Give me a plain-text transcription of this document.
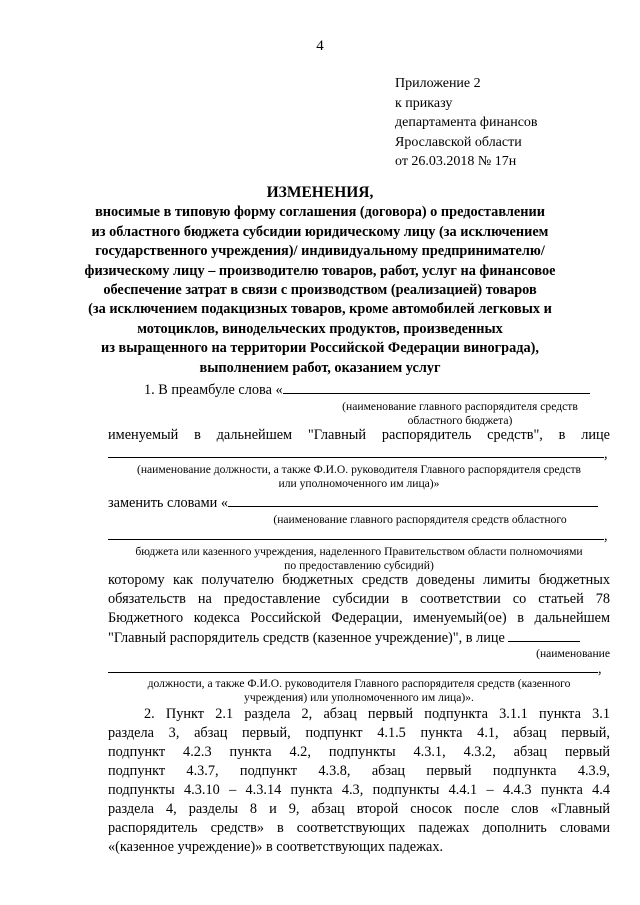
4
Приложение 2
к приказу
департамента финансов
Ярославской области
от 26.03.2018 № 17н
ИЗМЕНЕНИЯ,
вносимые в типовую форму соглашения (договора) о предоставлении
из областного бюджета субсидии юридическому лицу (за исключением
государственного учреждения)/ индивидуальному предпринимателю/
физическому лицу – производителю товаров, работ, услуг на финансовое
обеспечение затрат в связи с производством (реализацией) товаров
(за исключением подакцизных товаров, кроме автомобилей легковых и
мотоциклов, винодельческих продуктов, произведенных
из выращенного на территории Российской Федерации винограда),
выполнением работ, оказанием услуг
1. В преамбуле слова «
(наименование главного распорядителя средств
областного бюджета)
именуемый в дальнейшем "Главный распорядитель средств", в лице
,
(наименование должности, а также Ф.И.О. руководителя Главного распорядителя средств
или уполномоченного им лица)»
заменить словами «
(наименование главного распорядителя средств областного
,
бюджета или казенного учреждения, наделенного Правительством области полномочиями
по предоставлению субсидий)
которому как получателю бюджетных средств доведены лимиты бюджетных
обязательств на предоставление субсидии в соответствии со статьей 78
Бюджетного кодекса Российской Федерации, именуемый(ое) в дальнейшем
"Главный распорядитель средств (казенное учреждение)", в лице
(наименование
,
должности, а также Ф.И.О. руководителя Главного распорядителя средств (казенного
учреждения) или уполномоченного им лица)».
2. Пункт 2.1 раздела 2, абзац первый подпункта 3.1.1 пункта 3.1
раздела 3, абзац первый, подпункт 4.1.5 пункта 4.1, абзац первый,
подпункт 4.2.3 пункта 4.2, подпункты 4.3.1, 4.3.2, абзац первый
подпункт 4.3.7, подпункт 4.3.8, абзац первый подпункта 4.3.9,
подпункты 4.3.10 – 4.3.14 пункта 4.3, подпункты 4.4.1 – 4.4.3 пункта 4.4
раздела 4, разделы 8 и 9, абзац второй сносок после слов «Главный
распорядитель средств» в соответствующих падежах дополнить словами
«(казенное учреждение)» в соответствующих падежах.
